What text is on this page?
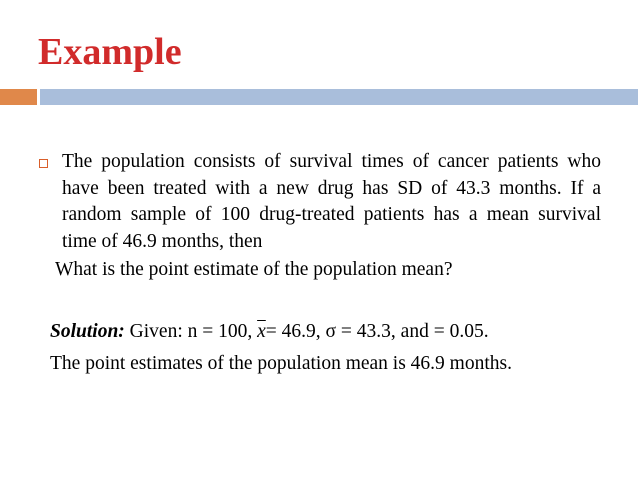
Example

The population consists of survival times of cancer patients who have been treated with a new drug has SD of 43.3 months. If a random sample of 100 drug-treated patients has a mean survival time of 46.9 months, then

What is the point estimate of the population mean?

Solution: Given: n = 100, $\overline{x}= 46.9$, σ = 43.3, and = 0.05.

The point estimates of the population mean is 46.9 months.
